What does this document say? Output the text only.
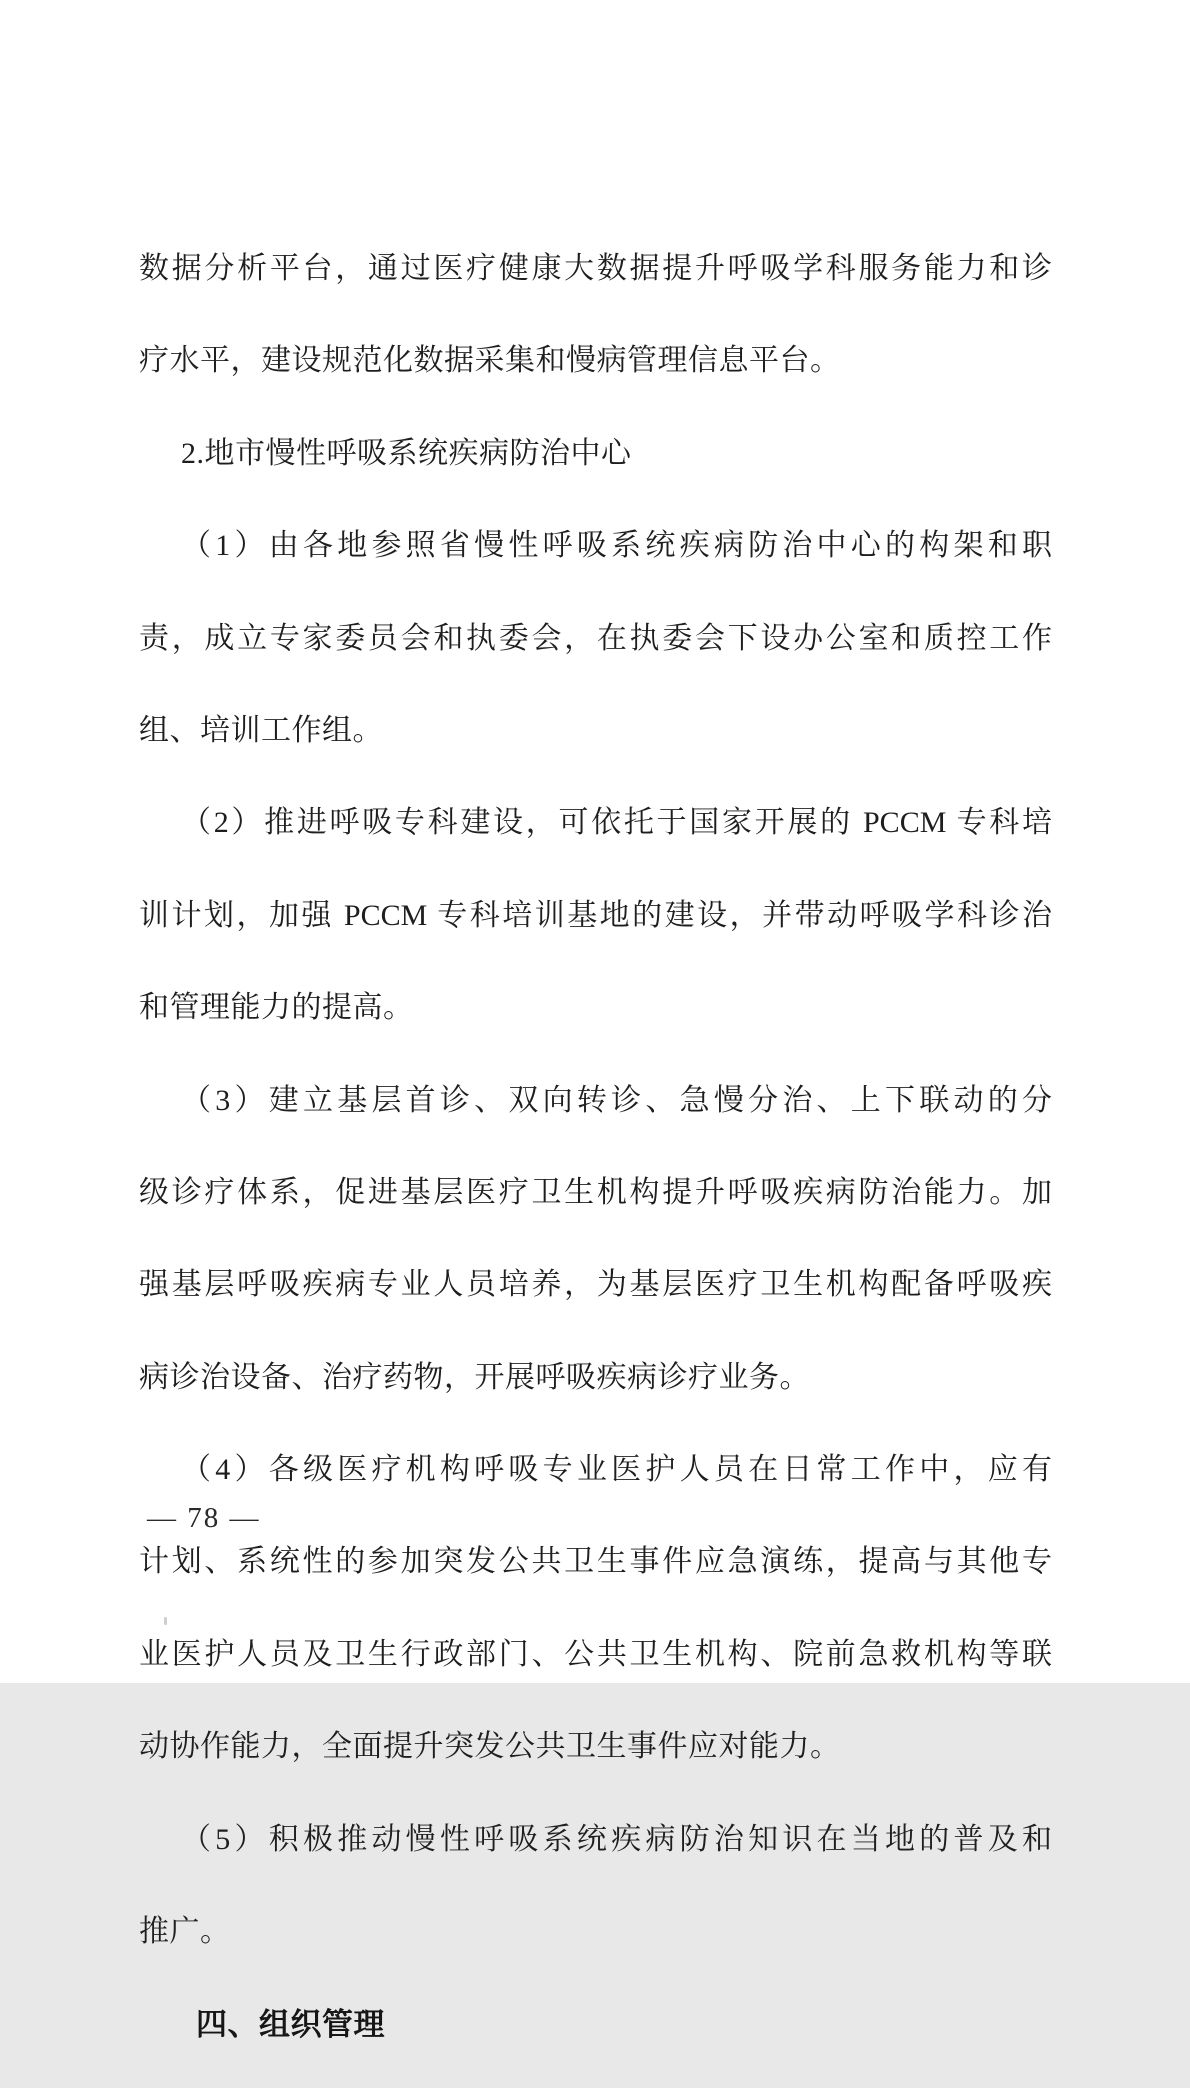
数据分析平台，通过医疗健康大数据提升呼吸学科服务能力和诊

疗水平，建设规范化数据采集和慢病管理信息平台。

2.地市慢性呼吸系统疾病防治中心

（1）由各地参照省慢性呼吸系统疾病防治中心的构架和职

责，成立专家委员会和执委会，在执委会下设办公室和质控工作

组、培训工作组。

（2）推进呼吸专科建设，可依托于国家开展的 PCCM 专科培

训计划，加强 PCCM 专科培训基地的建设，并带动呼吸学科诊治

和管理能力的提高。

（3）建立基层首诊、双向转诊、急慢分治、上下联动的分

级诊疗体系，促进基层医疗卫生机构提升呼吸疾病防治能力。加

强基层呼吸疾病专业人员培养，为基层医疗卫生机构配备呼吸疾

病诊治设备、治疗药物，开展呼吸疾病诊疗业务。

（4）各级医疗机构呼吸专业医护人员在日常工作中，应有

计划、系统性的参加突发公共卫生事件应急演练，提高与其他专

业医护人员及卫生行政部门、公共卫生机构、院前急救机构等联

动协作能力，全面提升突发公共卫生事件应对能力。

（5）积极推动慢性呼吸系统疾病防治知识在当地的普及和

推广。

四、组织管理

— 78 —
